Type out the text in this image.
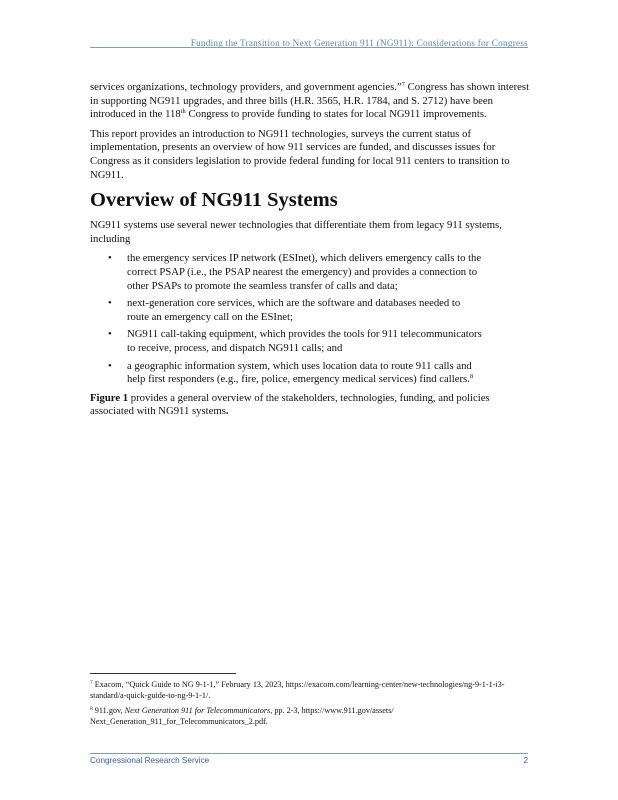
Funding the Transition to Next Generation 911 (NG911): Considerations for Congress

services organizations, technology providers, and government agencies.”$^7$ Congress has shown interest in supporting NG911 upgrades, and three bills (H.R. 3565, H.R. 1784, and S. 2712) have been introduced in the 118th Congress to provide funding to states for local NG911 improvements.

This report provides an introduction to NG911 technologies, surveys the current status of implementation, presents an overview of how 911 services are funded, and discusses issues for Congress as it considers legislation to provide federal funding for local 911 centers to transition to NG911.

Overview of NG911 Systems

NG911 systems use several newer technologies that differentiate them from legacy 911 systems, including

• the emergency services IP network (ESInet), which delivers emergency calls to the correct PSAP (i.e., the PSAP nearest the emergency) and provides a connection to other PSAPs to promote the seamless transfer of calls and data;
• next-generation core services, which are the software and databases needed to route an emergency call on the ESInet;
• NG911 call-taking equipment, which provides the tools for 911 telecommunicators to receive, process, and dispatch NG911 calls; and
• a geographic information system, which uses location data to route 911 calls and help first responders (e.g., fire, police, emergency medical services) find callers.$^8$

Figure 1 provides a general overview of the stakeholders, technologies, funding, and policies associated with NG911 systems.

$^7$ Exacom, “Quick Guide to NG 9-1-1,” February 13, 2023, https://exacom.com/learning-center/new-technologies/ng-9-1-1-i3-standard/a-quick-guide-to-ng-9-1-1/.

$^8$ 911.gov, Next Generation 911 for Telecommunicators, pp. 2-3, https://www.911.gov/assets/ Next_Generation_911_for_Telecommunicators_2.pdf.

Congressional Research Service	2
